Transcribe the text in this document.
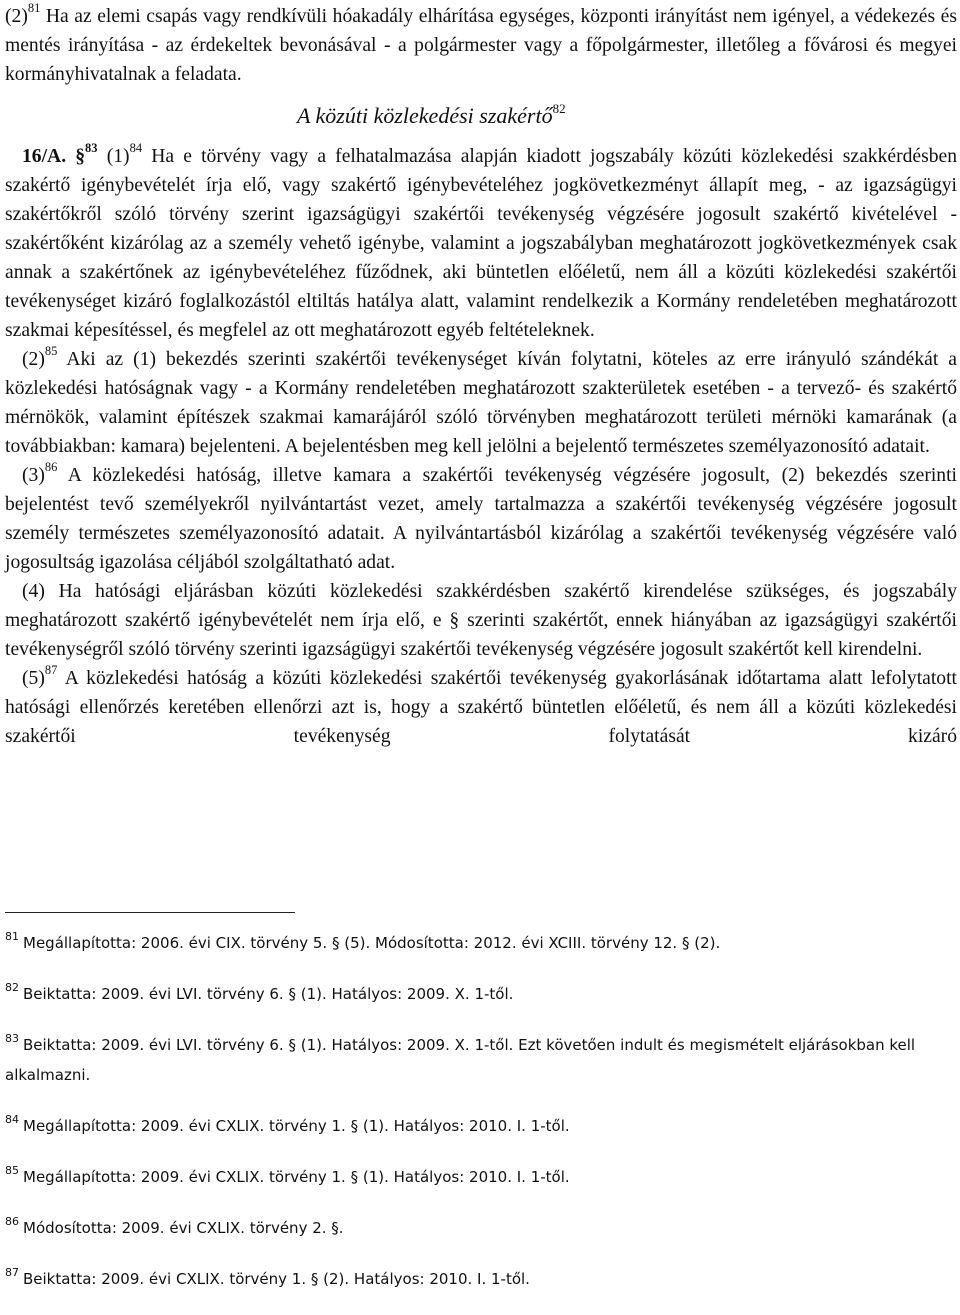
$(2)^{81}$ Ha az elemi csapás vagy rendkívüli hóakadály elhárítása egységes, központi irányítást nem igényel, a védekezés és mentés irányítása - az érdekeltek bevonásával - a polgármester vagy a főpolgármester, illetőleg a fővárosi és megyei kormányhivatalnak a feladata.

A közúti közlekedési szakértő$^{82}$

16/A. §$^{83}$ $(1)^{84}$ Ha e törvény vagy a felhatalmazása alapján kiadott jogszabály közúti közlekedési szakkérdésben szakértő igénybevételét írja elő, vagy szakértő igénybevételéhez jogkövetkezményt állapít meg, - az igazságügyi szakértőkről szóló törvény szerint igazságügyi szakértői tevékenység végzésére jogosult szakértő kivételével - szakértőként kizárólag az a személy vehető igénybe, valamint a jogszabályban meghatározott jogkövetkezmények csak annak a szakértőnek az igénybevételéhez fűződnek, aki büntetlen előéletű, nem áll a közúti közlekedési szakértői tevékenységet kizáró foglalkozástól eltiltás hatálya alatt, valamint rendelkezik a Kormány rendeletében meghatározott szakmai képesítéssel, és megfelel az ott meghatározott egyéb feltételeknek.

$(2)^{85}$ Aki az (1) bekezdés szerinti szakértői tevékenységet kíván folytatni, köteles az erre irányuló szándékát a közlekedési hatóságnak vagy - a Kormány rendeletében meghatározott szakterületek esetében - a tervező- és szakértő mérnökök, valamint építészek szakmai kamarájáról szóló törvényben meghatározott területi mérnöki kamarának (a továbbiakban: kamara) bejelenteni. A bejelentésben meg kell jelölni a bejelentő természetes személyazonosító adatait.

$(3)^{86}$ A közlekedési hatóság, illetve kamara a szakértői tevékenység végzésére jogosult, (2) bekezdés szerinti bejelentést tevő személyekről nyilvántartást vezet, amely tartalmazza a szakértői tevékenység végzésére jogosult személy természetes személyazonosító adatait. A nyilvántartásból kizárólag a szakértői tevékenység végzésére való jogosultság igazolása céljából szolgáltatható adat.

(4) Ha hatósági eljárásban közúti közlekedési szakkérdésben szakértő kirendelése szükséges, és jogszabály meghatározott szakértő igénybevételét nem írja elő, e § szerinti szakértőt, ennek hiányában az igazságügyi szakértői tevékenységről szóló törvény szerinti igazságügyi szakértői tevékenység végzésére jogosult szakértőt kell kirendelni.

$(5)^{87}$ A közlekedési hatóság a közúti közlekedési szakértői tevékenység gyakorlásának időtartama alatt lefolytatott hatósági ellenőrzés keretében ellenőrzi azt is, hogy a szakértő büntetlen előéletű, és nem áll a közúti közlekedési szakértői tevékenység folytatását kizáró

$^{81}$ Megállapította: 2006. évi CIX. törvény 5. § (5). Módosította: 2012. évi XCIII. törvény 12. § (2).

$^{82}$ Beiktatta: 2009. évi LVI. törvény 6. § (1). Hatályos: 2009. X. 1-től.

$^{83}$ Beiktatta: 2009. évi LVI. törvény 6. § (1). Hatályos: 2009. X. 1-től. Ezt követően indult és megismételt eljárásokban kell alkalmazni.

$^{84}$ Megállapította: 2009. évi CXLIX. törvény 1. § (1). Hatályos: 2010. I. 1-től.

$^{85}$ Megállapította: 2009. évi CXLIX. törvény 1. § (1). Hatályos: 2010. I. 1-től.

$^{86}$ Módosította: 2009. évi CXLIX. törvény 2. §.

$^{87}$ Beiktatta: 2009. évi CXLIX. törvény 1. § (2). Hatályos: 2010. I. 1-től.
